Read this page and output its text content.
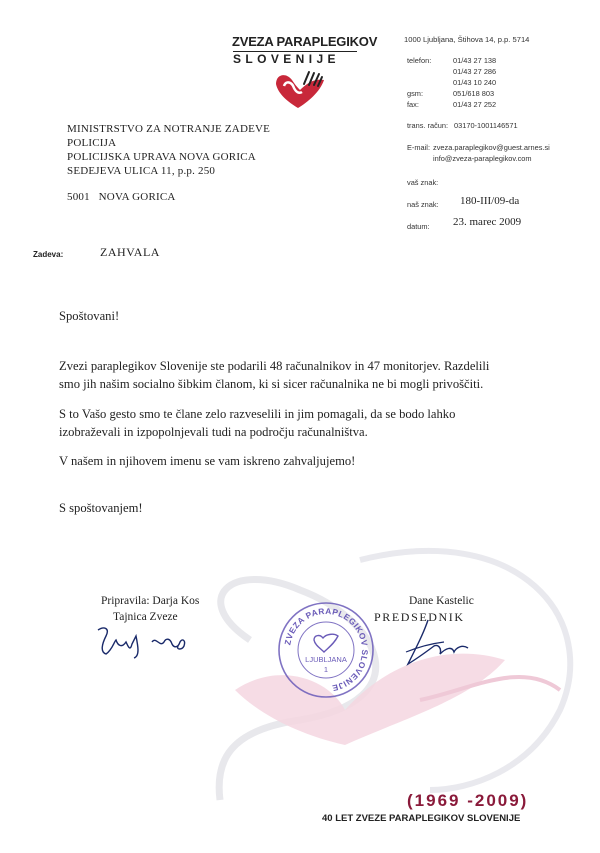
ZVEZA PARAPLEGIKOV
SLOVENIJE
1000 Ljubljana, Štihova 14, p.p. 5714
telefon:	01/43 27 138
01/43 27 286
01/43 10 240
gsm:	051/618 803
fax:	01/43 27 252
trans. račun: 03170-1001146571
E-mail: zveza.paraplegikov@guest.arnes.si
info@zveza-paraplegikov.com
MINISTRSTVO ZA NOTRANJE ZADEVE
POLICIJA
POLICIJSKA UPRAVA NOVA GORICA
SEDEJEVA ULICA 11, p.p. 250
5001   NOVA GORICA
vaš znak:
naš znak: 180-III/09-da
datum: 23. marec 2009
Zadeva:	ZAHVALA
Spoštovani!
Zvezi paraplegikov Slovenije ste podarili 48 računalnikov in 47 monitorjev. Razdelili
smo jih našim socialno šibkim članom, ki si sicer računalnika ne bi mogli privoščiti.
S to Vašo gesto smo te člane zelo razveselili in jim pomagali, da se bodo lahko
izobraževali in izpopolnjevali tudi na področju računalništva.
V našem in njihovem imenu se vam iskreno zahvaljujemo!
S spoštovanjem!
Pripravila: Darja Kos
Tajnica Zveze
Dane Kastelic
PREDSEDNIK
ZVEZA PARAPLEGIKOV SLOVENIJE
LJUBLJANA
1
(1969 -2009)
40 LET ZVEZE PARAPLEGIKOV SLOVENIJE
